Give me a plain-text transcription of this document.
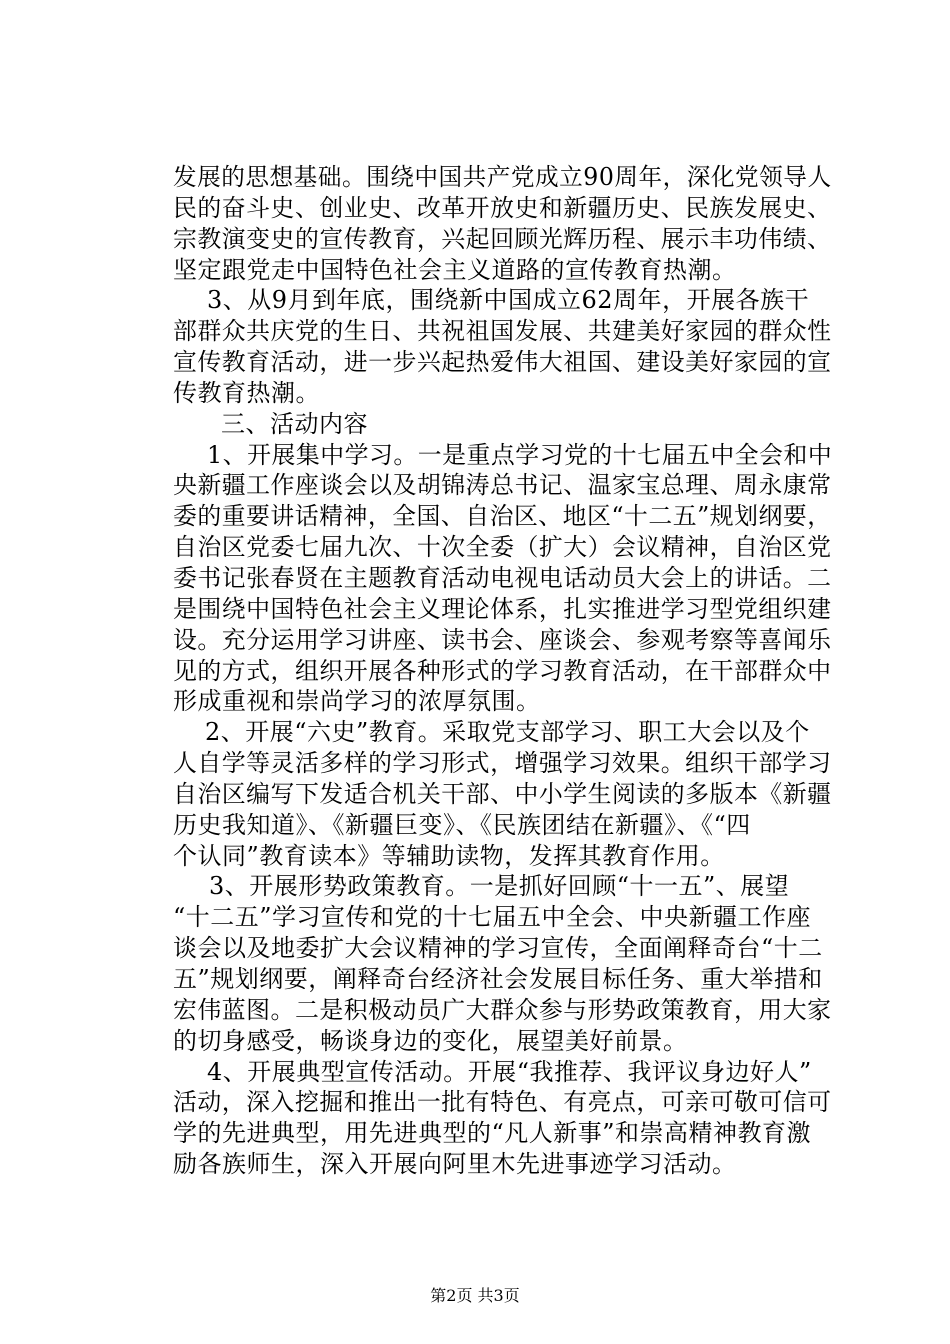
发展的思想基础。围绕中国共产党成立90周年，深化党领导人
民的奋斗史、创业史、改革开放史和新疆历史、民族发展史、
宗教演变史的宣传教育，兴起回顾光辉历程、展示丰功伟绩、
坚定跟党走中国特色社会主义道路的宣传教育热潮。
3、从9月到年底，围绕新中国成立62周年，开展各族干
部群众共庆党的生日、共祝祖国发展、共建美好家园的群众性
宣传教育活动，进一步兴起热爱伟大祖国、建设美好家园的宣
传教育热潮。
三、活动内容
1、开展集中学习。一是重点学习党的十七届五中全会和中
央新疆工作座谈会以及胡锦涛总书记、温家宝总理、周永康常
委的重要讲话精神，全国、自治区、地区“十二五”规划纲要，
自治区党委七届九次、十次全委（扩大）会议精神，自治区党
委书记张春贤在主题教育活动电视电话动员大会上的讲话。二
是围绕中国特色社会主义理论体系，扎实推进学习型党组织建
设。充分运用学习讲座、读书会、座谈会、参观考察等喜闻乐
见的方式，组织开展各种形式的学习教育活动，在干部群众中
形成重视和崇尚学习的浓厚氛围。
2、开展“六史”教育。采取党支部学习、职工大会以及个
人自学等灵活多样的学习形式，增强学习效果。组织干部学习
自治区编写下发适合机关干部、中小学生阅读的多版本《新疆
历史我知道》、《新疆巨变》、《民族团结在新疆》、《“四
个认同”教育读本》等辅助读物，发挥其教育作用。
3、开展形势政策教育。一是抓好回顾“十一五”、展望
“十二五”学习宣传和党的十七届五中全会、中央新疆工作座
谈会以及地委扩大会议精神的学习宣传，全面阐释奇台“十二
五”规划纲要，阐释奇台经济社会发展目标任务、重大举措和
宏伟蓝图。二是积极动员广大群众参与形势政策教育，用大家
的切身感受，畅谈身边的变化，展望美好前景。
4、开展典型宣传活动。开展“我推荐、我评议身边好人”
活动，深入挖掘和推出一批有特色、有亮点，可亲可敬可信可
学的先进典型，用先进典型的“凡人新事”和崇高精神教育激
励各族师生，深入开展向阿里木先进事迹学习活动。
第2页 共3页
